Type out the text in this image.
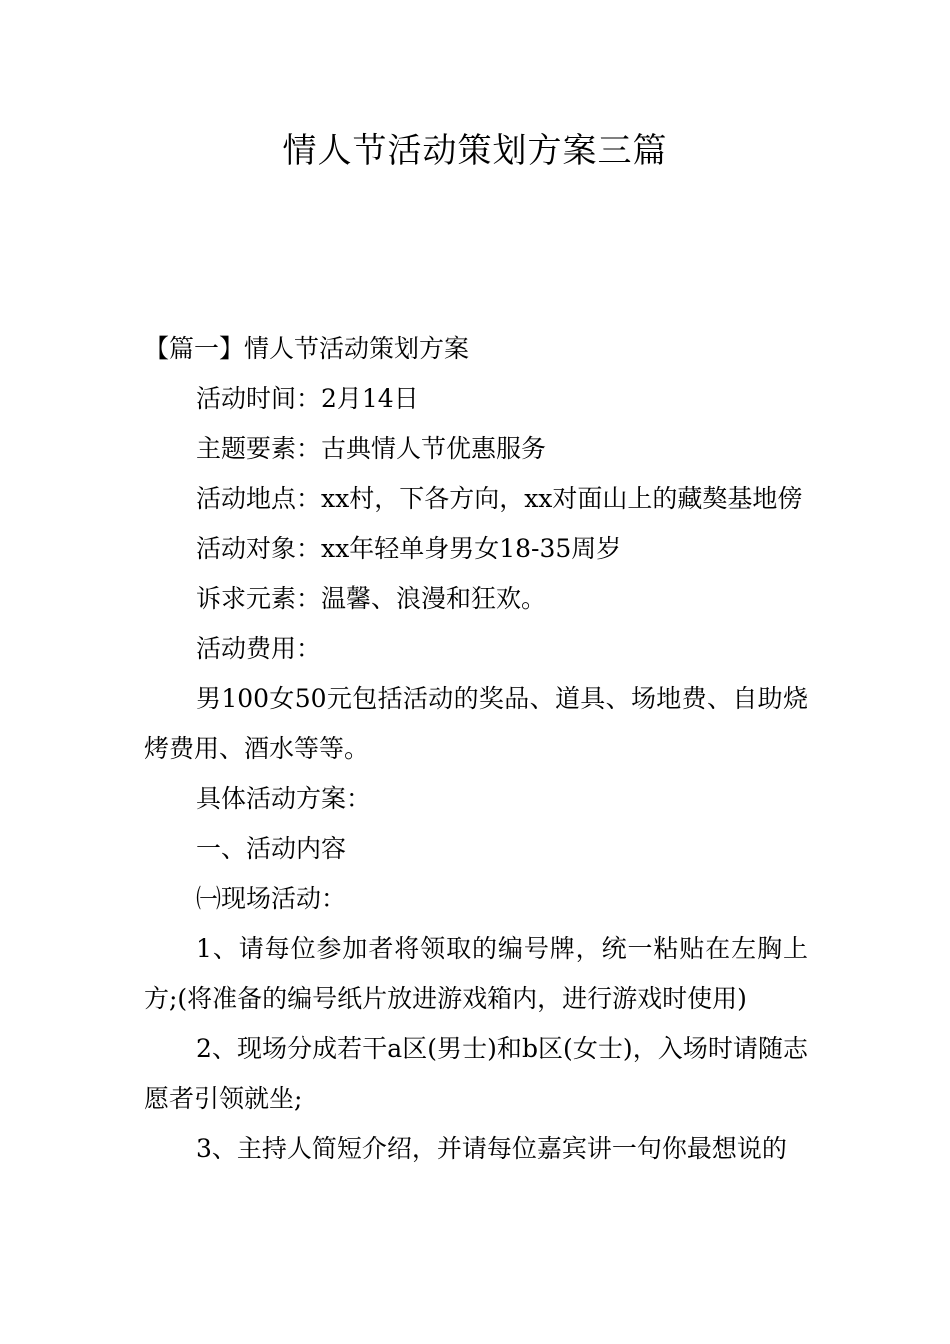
情人节活动策划方案三篇

【篇一】情人节活动策划方案

活动时间：2月14日

主题要素：古典情人节优惠服务

活动地点：xx村，下各方向，xx对面山上的藏獒基地傍

活动对象：xx年轻单身男女18-35周岁

诉求元素：温馨、浪漫和狂欢。

活动费用：

男100女50元包括活动的奖品、道具、场地费、自助烧烤费用、酒水等等。

具体活动方案：

一、活动内容

㈠现场活动：

1、请每位参加者将领取的编号牌，统一粘贴在左胸上方;(将准备的编号纸片放进游戏箱内，进行游戏时使用)

2、现场分成若干a区(男士)和b区(女士)，入场时请随志愿者引领就坐;

3、主持人简短介绍，并请每位嘉宾讲一句你最想说的
